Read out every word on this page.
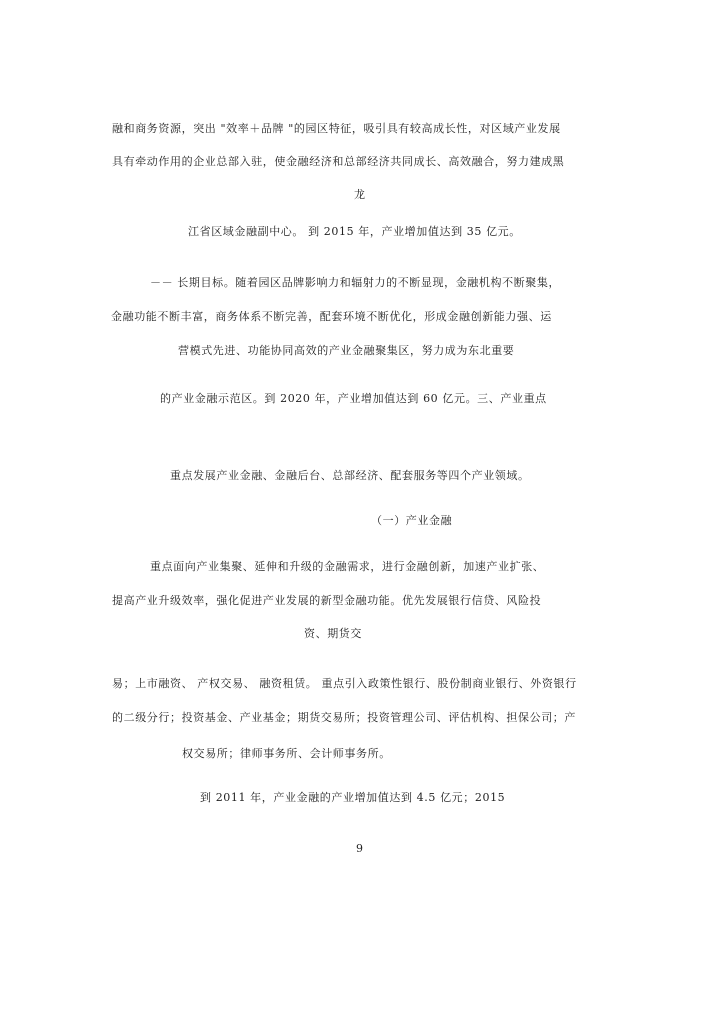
融和商务资源，突出 "效率＋品牌 "的园区特征，吸引具有较高成长性，对区域产业发展
具有牵动作用的企业总部入驻，使金融经济和总部经济共同成长、高效融合，努力建成黑
龙
江省区域金融副中心。 到 2015 年，产业增加值达到 35 亿元。
－－ 长期目标。随着园区品牌影响力和辐射力的不断显现，金融机构不断聚集，
金融功能不断丰富，商务体系不断完善，配套环境不断优化，形成金融创新能力强、运
营模式先进、功能协同高效的产业金融聚集区，努力成为东北重要
的产业金融示范区。到 2020 年，产业增加值达到 60 亿元。三、产业重点
重点发展产业金融、金融后台、总部经济、配套服务等四个产业领域。
（一）产业金融
重点面向产业集聚、延伸和升级的金融需求，进行金融创新，加速产业扩张、
提高产业升级效率，强化促进产业发展的新型金融功能。优先发展银行信贷、风险投
资、期货交
易；上市融资、 产权交易、 融资租赁。 重点引入政策性银行、股份制商业银行、外资银行
的二级分行；投资基金、产业基金；期货交易所；投资管理公司、评估机构、担保公司；产
权交易所；律师事务所、会计师事务所。
到 2011 年，产业金融的产业增加值达到 4.5 亿元；2015
9
